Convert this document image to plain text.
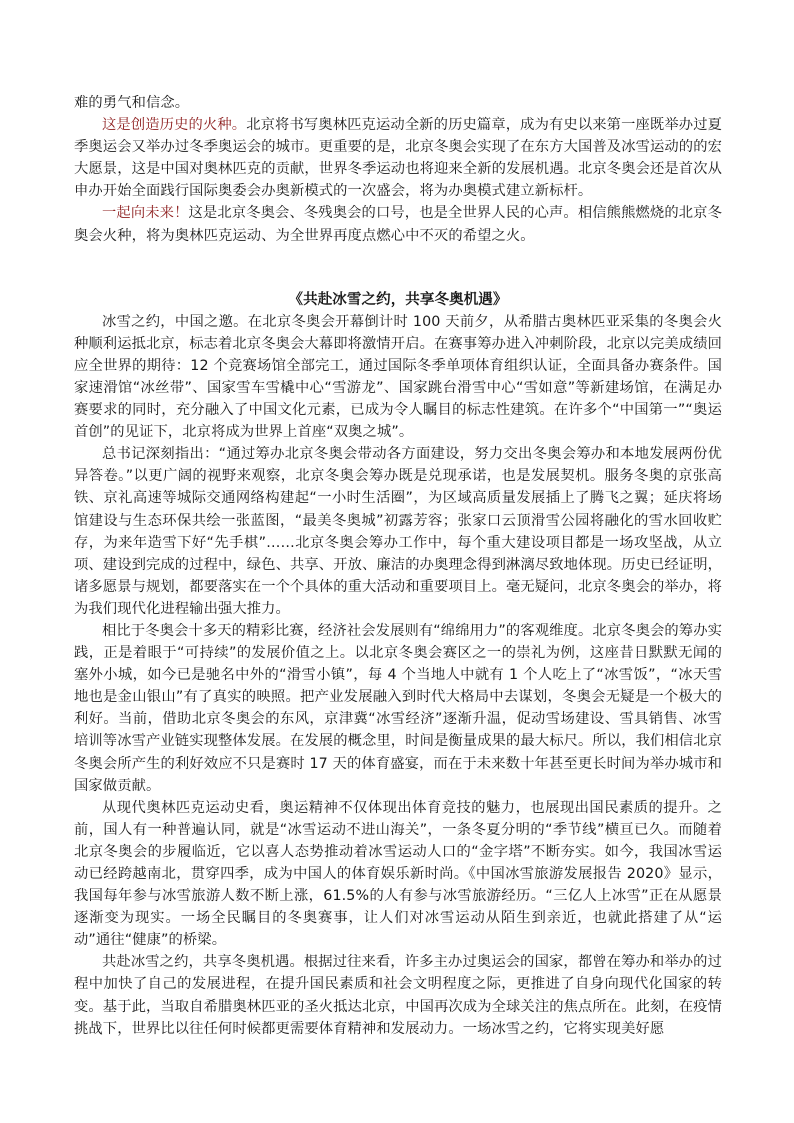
难的勇气和信念。

这是创造历史的火种。北京将书写奥林匹克运动全新的历史篇章，成为有史以来第一座既举办过夏季奥运会又举办过冬季奥运会的城市。更重要的是，北京冬奥会实现了在东方大国普及冰雪运动的的宏大愿景，这是中国对奥林匹克的贡献，世界冬季运动也将迎来全新的发展机遇。北京冬奥会还是首次从申办开始全面践行国际奥委会办奥新模式的一次盛会，将为办奥模式建立新标杆。

一起向未来！这是北京冬奥会、冬残奥会的口号，也是全世界人民的心声。相信熊熊燃烧的北京冬奥会火种，将为奥林匹克运动、为全世界再度点燃心中不灭的希望之火。

《共赴冰雪之约，共享冬奥机遇》

冰雪之约，中国之邀。在北京冬奥会开幕倒计时 100 天前夕，从希腊古奥林匹亚采集的冬奥会火种顺利运抵北京，标志着北京冬奥会大幕即将激情开启。在赛事筹办进入冲刺阶段，北京以完美成绩回应全世界的期待：12 个竞赛场馆全部完工，通过国际冬季单项体育组织认证，全面具备办赛条件。国家速滑馆“冰丝带”、国家雪车雪橇中心“雪游龙”、国家跳台滑雪中心“雪如意”等新建场馆，在满足办赛要求的同时，充分融入了中国文化元素，已成为令人瞩目的标志性建筑。在许多个“中国第一”“奥运首创”的见证下，北京将成为世界上首座“双奥之城”。

总书记深刻指出：“通过筹办北京冬奥会带动各方面建设，努力交出冬奥会筹办和本地发展两份优异答卷。”以更广阔的视野来观察，北京冬奥会筹办既是兑现承诺，也是发展契机。服务冬奥的京张高铁、京礼高速等城际交通网络构建起“一小时生活圈”，为区域高质量发展插上了腾飞之翼；延庆将场馆建设与生态环保共绘一张蓝图，“最美冬奥城”初露芳容；张家口云顶滑雪公园将融化的雪水回收贮存，为来年造雪下好“先手棋”……北京冬奥会筹办工作中，每个重大建设项目都是一场攻坚战，从立项、建设到完成的过程中，绿色、共享、开放、廉洁的办奥理念得到淋漓尽致地体现。历史已经证明，诸多愿景与规划，都要落实在一个个具体的重大活动和重要项目上。毫无疑问，北京冬奥会的举办，将为我们现代化进程输出强大推力。

相比于冬奥会十多天的精彩比赛，经济社会发展则有“绵绵用力”的客观维度。北京冬奥会的筹办实践，正是着眼于“可持续”的发展价值之上。以北京冬奥会赛区之一的崇礼为例，这座昔日默默无闻的塞外小城，如今已是驰名中外的“滑雪小镇”，每 4 个当地人中就有 1 个人吃上了“冰雪饭”，“冰天雪地也是金山银山”有了真实的映照。把产业发展融入到时代大格局中去谋划，冬奥会无疑是一个极大的利好。当前，借助北京冬奥会的东风，京津冀“冰雪经济”逐渐升温，促动雪场建设、雪具销售、冰雪培训等冰雪产业链实现整体发展。在发展的概念里，时间是衡量成果的最大标尺。所以，我们相信北京冬奥会所产生的利好效应不只是赛时 17 天的体育盛宴，而在于未来数十年甚至更长时间为举办城市和国家做贡献。

从现代奥林匹克运动史看，奥运精神不仅体现出体育竞技的魅力，也展现出国民素质的提升。之前，国人有一种普遍认同，就是“冰雪运动不进山海关”，一条冬夏分明的“季节线”横亘已久。而随着北京冬奥会的步履临近，它以喜人态势推动着冰雪运动人口的“金字塔”不断夯实。如今，我国冰雪运动已经跨越南北，贯穿四季，成为中国人的体育娱乐新时尚。《中国冰雪旅游发展报告 2020》显示，我国每年参与冰雪旅游人数不断上涨，61.5%的人有参与冰雪旅游经历。“三亿人上冰雪”正在从愿景逐渐变为现实。一场全民瞩目的冬奥赛事，让人们对冰雪运动从陌生到亲近，也就此搭建了从“运动”通往“健康”的桥梁。

共赴冰雪之约，共享冬奥机遇。根据过往来看，许多主办过奥运会的国家，都曾在筹办和举办的过程中加快了自己的发展进程，在提升国民素质和社会文明程度之际，更推进了自身向现代化国家的转变。基于此，当取自希腊奥林匹亚的圣火抵达北京，中国再次成为全球关注的焦点所在。此刻，在疫情挑战下，世界比以往任何时候都更需要体育精神和发展动力。一场冰雪之约，它将实现美好愿
